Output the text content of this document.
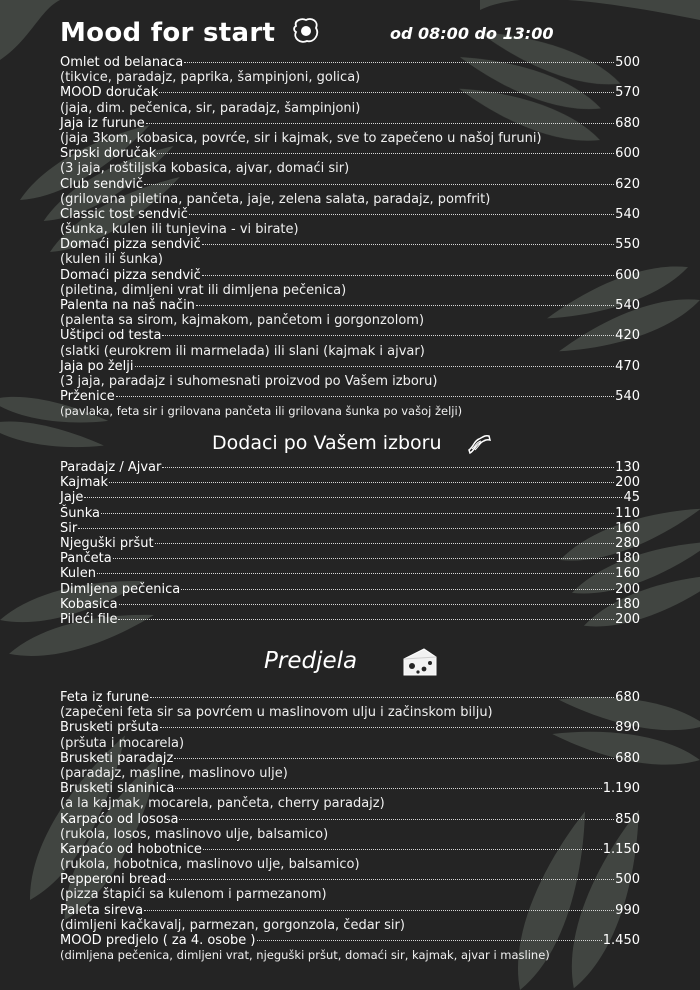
Mood for start	od 08:00 do 13:00
Omlet od belanaca	500
(tikvice, paradajz, paprika, šampinjoni, golica)
MOOD doručak	570
(jaja, dim. pečenica, sir, paradajz, šampinjoni)
Jaja iz furune	680
(jaja 3kom, kobasica, povrće, sir i kajmak, sve to zapečeno u našoj furuni)
Srpski doručak	600
(3 jaja, roštiljska kobasica, ajvar, domaći sir)
Club sendvič	620
(grilovana piletina, pančeta, jaje, zelena salata, paradajz, pomfrit)
Classic tost sendvič	540
(šunka, kulen ili tunjevina - vi birate)
Domaći pizza sendvič	550
(kulen ili šunka)
Domaći pizza sendvič	600
(piletina, dimljeni vrat ili dimljena pečenica)
Palenta na naš način	540
(palenta sa sirom, kajmakom, pančetom i gorgonzolom)
Uštipci od testa	420
(slatki (eurokrem ili marmelada) ili slani (kajmak i ajvar)
Jaja po želji	470
(3 jaja, paradajz i suhomesnati proizvod po Vašem izboru)
Prženice	540
(pavlaka, feta sir i grilovana pančeta ili grilovana šunka po vašoj želji)
Dodaci po Vašem izboru
Paradajz / Ajvar	130
Kajmak	200
Jaje	45
Šunka	110
Sir	160
Njeguški pršut	280
Pančeta	180
Kulen	160
Dimljena pečenica	200
Kobasica	180
Pileći file	200
Predjela
Feta iz furune	680
(zapečeni feta sir sa povrćem u maslinovom ulju i začinskom bilju)
Brusketi pršuta	890
(pršuta i mocarela)
Brusketi paradajz	680
(paradajz, masline, maslinovo ulje)
Brusketi slaninica	1.190
(a la kajmak, mocarela, pančeta, cherry paradajz)
Karpaćo od lososa	850
(rukola, losos, maslinovo ulje, balsamico)
Karpaćo od hobotnice	1.150
(rukola, hobotnica, maslinovo ulje, balsamico)
Pepperoni bread	500
(pizza štapići sa kulenom i parmezanom)
Paleta sireva	990
(dimljeni kačkavalj, parmezan, gorgonzola, čedar sir)
MOOD predjelo ( za 4. osobe )	1.450
(dimljena pečenica, dimljeni vrat, njeguški pršut, domaći sir, kajmak, ajvar i masline)
